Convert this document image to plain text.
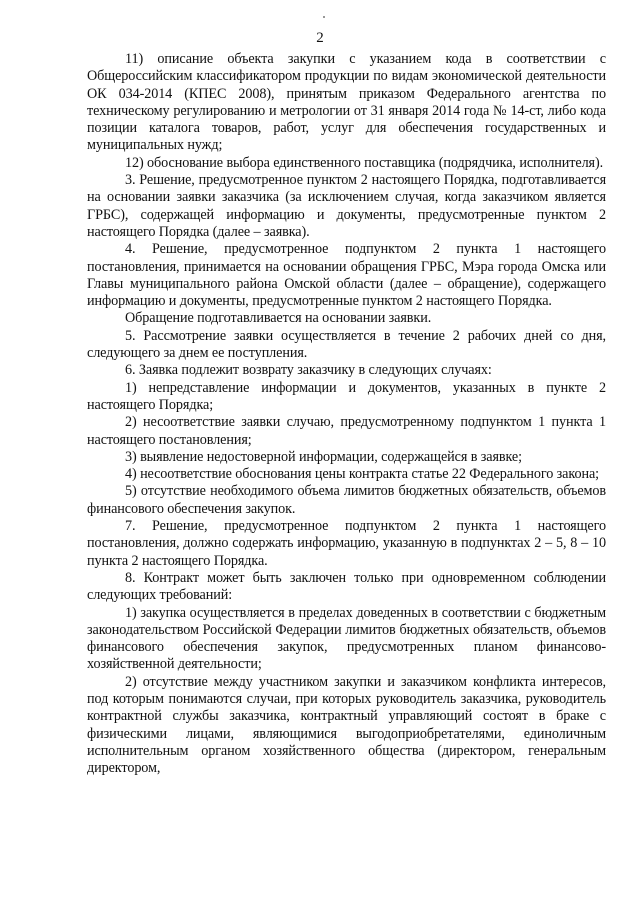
2

11) описание объекта закупки с указанием кода в соответствии с Общероссийским классификатором продукции по видам экономической деятельности ОК 034-2014 (КПЕС 2008), принятым приказом Федерального агентства по техническому регулированию и метрологии от 31 января 2014 года № 14-ст, либо кода позиции каталога товаров, работ, услуг для обеспечения государственных и муниципальных нужд;

12) обоснование выбора единственного поставщика (подрядчика, исполнителя).

3. Решение, предусмотренное пунктом 2 настоящего Порядка, подготавливается на основании заявки заказчика (за исключением случая, когда заказчиком является ГРБС), содержащей информацию и документы, предусмотренные пунктом 2 настоящего Порядка (далее – заявка).

4. Решение, предусмотренное подпунктом 2 пункта 1 настоящего постановления, принимается на основании обращения ГРБС, Мэра города Омска или Главы муниципального района Омской области (далее – обращение), содержащего информацию и документы, предусмотренные пунктом 2 настоящего Порядка.

Обращение подготавливается на основании заявки.

5. Рассмотрение заявки осуществляется в течение 2 рабочих дней со дня, следующего за днем ее поступления.

6. Заявка подлежит возврату заказчику в следующих случаях:

1) непредставление информации и документов, указанных в пункте 2 настоящего Порядка;

2) несоответствие заявки случаю, предусмотренному подпунктом 1 пункта 1 настоящего постановления;

3) выявление недостоверной информации, содержащейся в заявке;

4) несоответствие обоснования цены контракта статье 22 Федерального закона;

5) отсутствие необходимого объема лимитов бюджетных обязательств, объемов финансового обеспечения закупок.

7. Решение, предусмотренное подпунктом 2 пункта 1 настоящего постановления, должно содержать информацию, указанную в подпунктах 2 – 5, 8 – 10 пункта 2 настоящего Порядка.

8. Контракт может быть заключен только при одновременном соблюдении следующих требований:

1) закупка осуществляется в пределах доведенных в соответствии с бюджетным законодательством Российской Федерации лимитов бюджетных обязательств, объемов финансового обеспечения закупок, предусмотренных планом финансово-хозяйственной деятельности;

2) отсутствие между участником закупки и заказчиком конфликта интересов, под которым понимаются случаи, при которых руководитель заказчика, руководитель контрактной службы заказчика, контрактный управляющий состоят в браке с физическими лицами, являющимися выгодоприобретателями, единоличным исполнительным органом хозяйственного общества (директором, генеральным директором,
